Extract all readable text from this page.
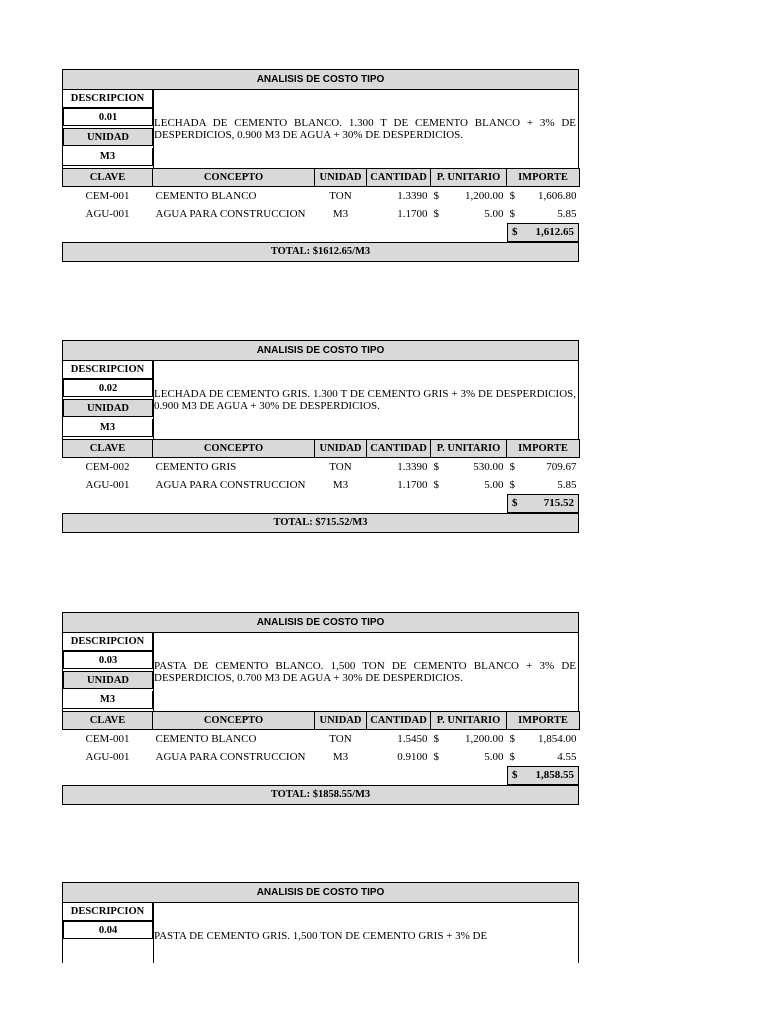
ANALISIS DE COSTO TIPO
DESCRIPCION
0.01
UNIDAD
M3
LECHADA DE CEMENTO BLANCO. 1.300 T DE CEMENTO BLANCO + 3% DE DESPERDICIOS, 0.900 M3 DE AGUA + 30% DE DESPERDICIOS.
CLAVE	CONCEPTO	UNIDAD	CANTIDAD	P. UNITARIO	IMPORTE
CEM-001	CEMENTO BLANCO	TON	1.3390	$ 1,200.00	$ 1,606.80

AGU-001	AGUA PARA CONSTRUCCION	M3	1.1700	$ 5.00	$ 5.85
$ 1,612.65
TOTAL: $1612.65/M3
ANALISIS DE COSTO TIPO
DESCRIPCION
0.02
UNIDAD
M3
LECHADA DE CEMENTO GRIS. 1.300 T DE CEMENTO GRIS + 3% DE DESPERDICIOS, 0.900 M3 DE AGUA + 30% DE DESPERDICIOS.
CLAVE	CONCEPTO	UNIDAD	CANTIDAD	P. UNITARIO	IMPORTE
CEM-002	CEMENTO GRIS	TON	1.3390	$ 530.00	$ 709.67

AGU-001	AGUA PARA CONSTRUCCION	M3	1.1700	$ 5.00	$ 5.85
$ 715.52
TOTAL: $715.52/M3
ANALISIS DE COSTO TIPO
DESCRIPCION
0.03
UNIDAD
M3
PASTA DE CEMENTO BLANCO. 1,500 TON DE CEMENTO BLANCO + 3% DE DESPERDICIOS, 0.700 M3 DE AGUA + 30% DE DESPERDICIOS.
CLAVE	CONCEPTO	UNIDAD	CANTIDAD	P. UNITARIO	IMPORTE
CEM-001	CEMENTO BLANCO	TON	1.5450	$ 1,200.00	$ 1,854.00

AGU-001	AGUA PARA CONSTRUCCION	M3	0.9100	$ 5.00	$ 4.55
$ 1,858.55
TOTAL: $1858.55/M3
ANALISIS DE COSTO TIPO
DESCRIPCION
0.04	PASTA DE CEMENTO GRIS. 1,500 TON DE CEMENTO GRIS + 3% DE
